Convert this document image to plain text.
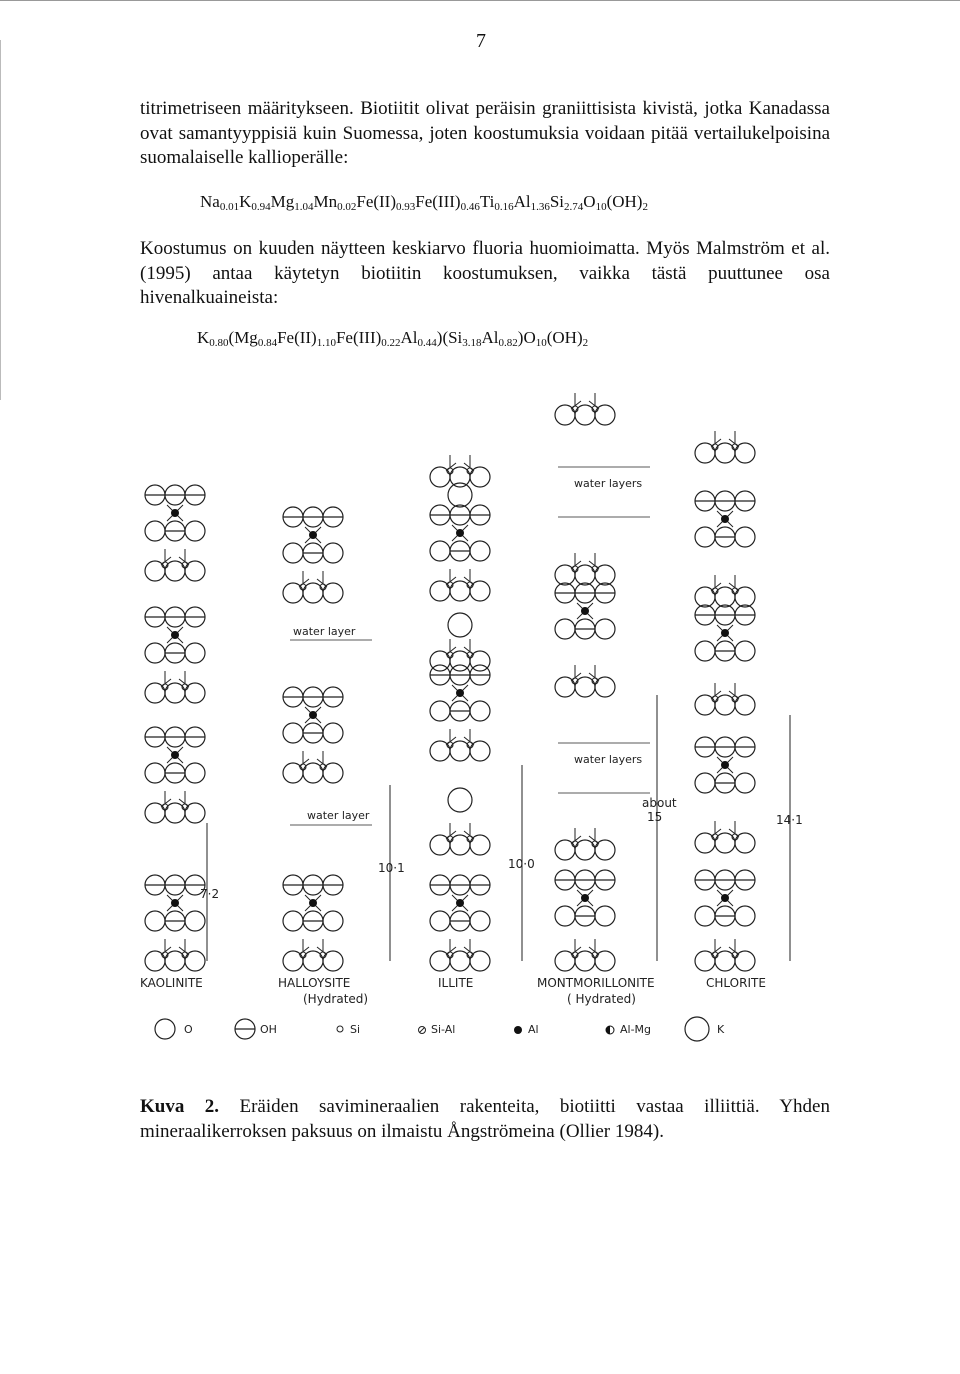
7

titrimetriseen määritykseen. Biotiitit olivat peräisin graniittisista kivistä, jotka Kanadassa ovat samantyyppisiä kuin Suomessa, joten koostumuksia voidaan pitää vertailukelpoisina suomalaiselle kallioperälle:

$Na_{0.01}K_{0.94}Mg_{1.04}Mn_{0.02}Fe(II)_{0.93}Fe(III)_{0.46}Ti_{0.16}Al_{1.36}Si_{2.74}O_{10}(OH)_2$

Koostumus on kuuden näytteen keskiarvo fluoria huomioimatta. Myös Malmström et al. (1995) antaa käytetyn biotiitin koostumuksen, vaikka tästä puuttunee osa hivenalkuaineista:

$K_{0.80}(Mg_{0.84}Fe(II)_{1.10}Fe(III)_{0.22}Al_{0.44})(Si_{3.18}Al_{0.82})O_{10}(OH)_2$
7·2
water layer
water layer
10·1	10·0
water layers
water layers
about
15	14·1
KAOLINITE	HALLOYSITE
(Hydrated)
ILLITE	MONTMORILLONITE
( Hydrated)
CHLORITE
O	OH	Si	Si-Al	Al	Al-Mg	K

Kuva 2. Eräiden savimineraalien rakenteita, biotiitti vastaa illiittiä. Yhden mineraalikerroksen paksuus on ilmaistu Ångströmeina (Ollier 1984).
